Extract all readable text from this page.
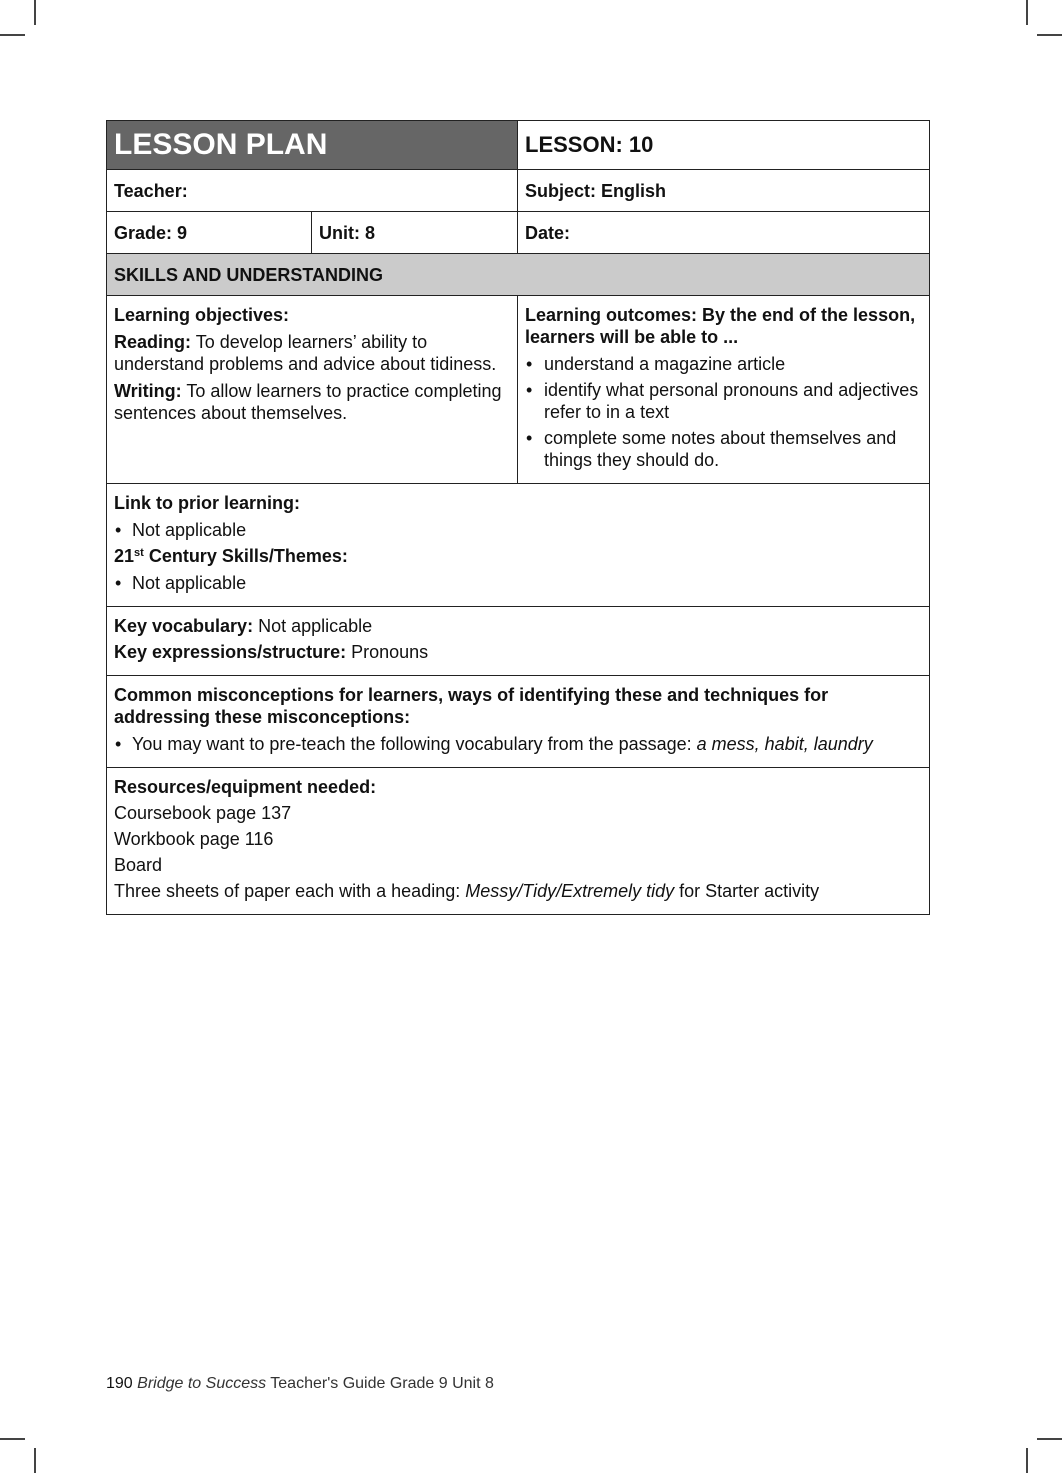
LESSON PLAN		LESSON: 10
Teacher:		Subject: English
Grade: 9	Unit: 8	Date:
SKILLS AND UNDERSTANDING		

Learning objectives:

Reading: To develop learners’ ability to understand problems and advice about tidiness.

Writing: To allow learners to practice completing sentences about themselves.

Learning outcomes: By the end of the lesson, learners will be able to ...

• understand a magazine article
• identify what personal pronouns and adjectives refer to in a text
• complete some notes about themselves and things they should do.

Link to prior learning:

• Not applicable

21st Century Skills/Themes:

• Not applicable

Key vocabulary: Not applicable

Key expressions/structure: Pronouns		

Common misconceptions for learners, ways of identifying these and techniques for addressing these misconceptions:

• You may want to pre-teach the following vocabulary from the passage: a mess, habit, laundry

Resources/equipment needed:

Coursebook page 137

Workbook page 116

Board

Three sheets of paper each with a heading: Messy/Tidy/Extremely tidy for Starter activity		

190 Bridge to Success Teacher's Guide Grade 9 Unit 8
